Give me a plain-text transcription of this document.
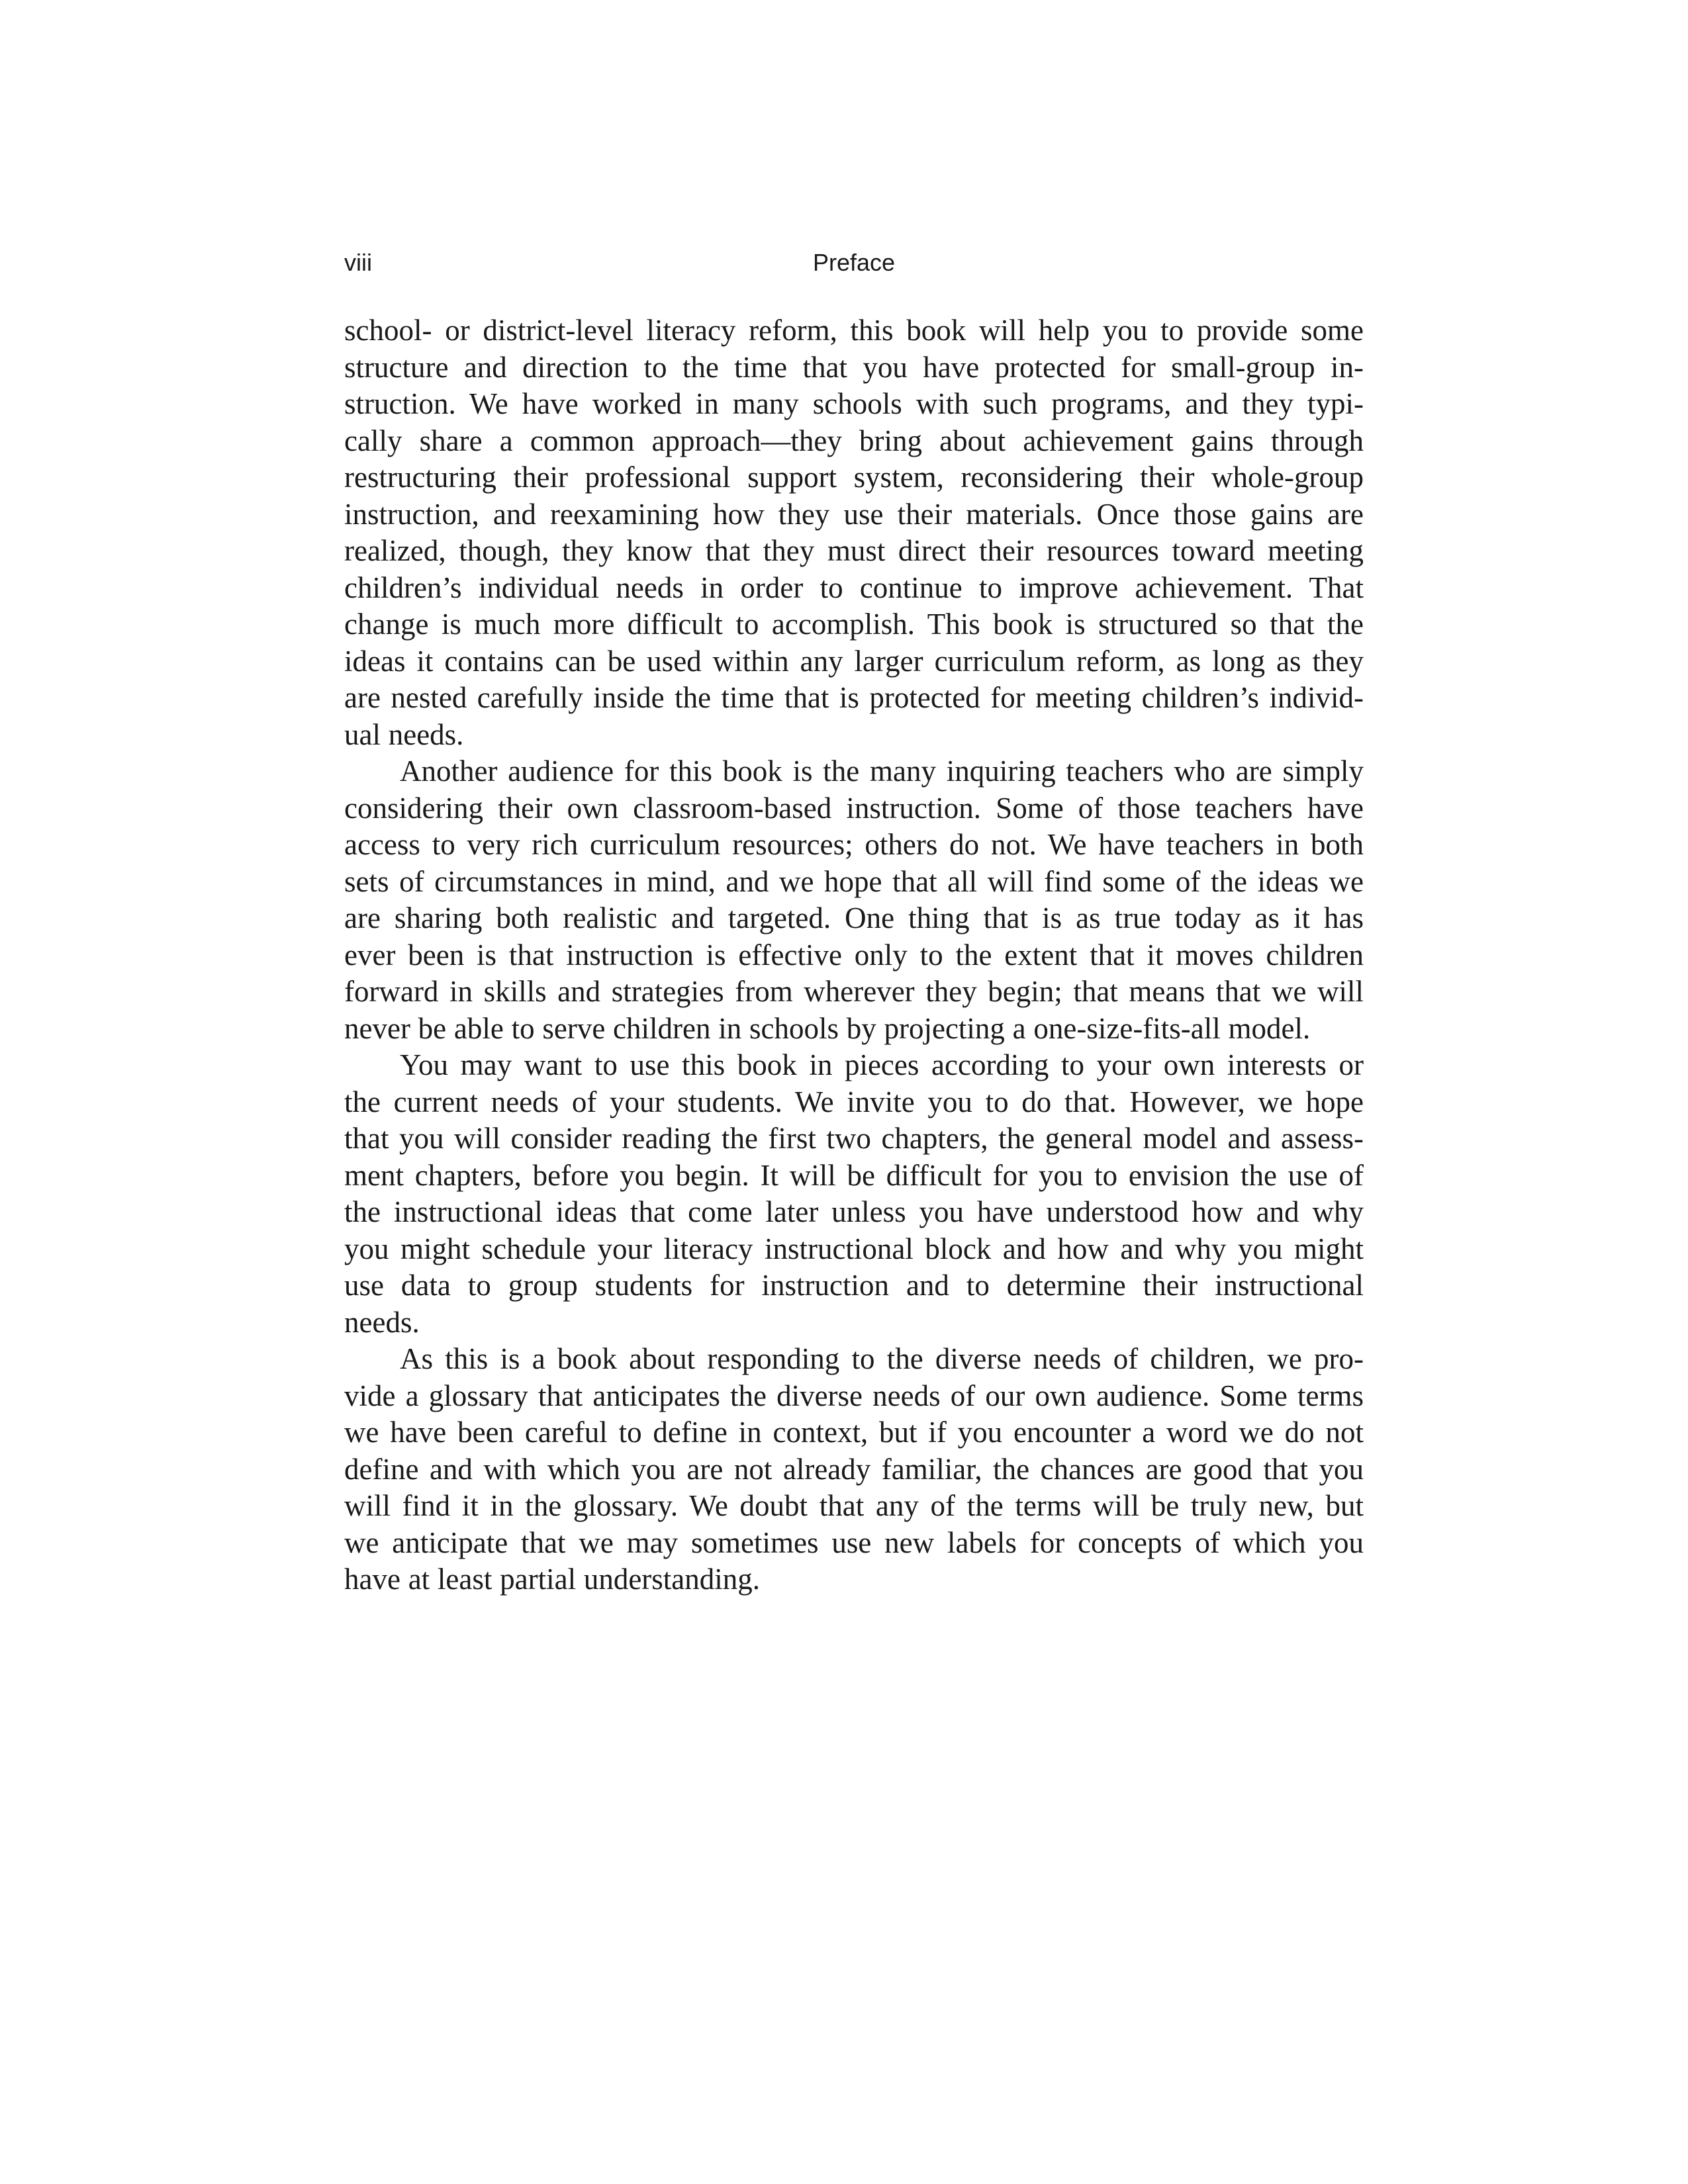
viii	Preface

school- or district-level literacy reform, this book will help you to provide some
structure and direction to the time that you have protected for small-group in-
struction. We have worked in many schools with such programs, and they typi-
cally share a common approach—they bring about achievement gains through
restructuring their professional support system, reconsidering their whole-group
instruction, and reexamining how they use their materials. Once those gains are
realized, though, they know that they must direct their resources toward meeting
children’s individual needs in order to continue to improve achievement. That
change is much more difficult to accomplish. This book is structured so that the
ideas it contains can be used within any larger curriculum reform, as long as they
are nested carefully inside the time that is protected for meeting children’s individ-
ual needs.

Another audience for this book is the many inquiring teachers who are simply
considering their own classroom-based instruction. Some of those teachers have
access to very rich curriculum resources; others do not. We have teachers in both
sets of circumstances in mind, and we hope that all will find some of the ideas we
are sharing both realistic and targeted. One thing that is as true today as it has
ever been is that instruction is effective only to the extent that it moves children
forward in skills and strategies from wherever they begin; that means that we will
never be able to serve children in schools by projecting a one-size-fits-all model.

You may want to use this book in pieces according to your own interests or
the current needs of your students. We invite you to do that. However, we hope
that you will consider reading the first two chapters, the general model and assess-
ment chapters, before you begin. It will be difficult for you to envision the use of
the instructional ideas that come later unless you have understood how and why
you might schedule your literacy instructional block and how and why you might
use data to group students for instruction and to determine their instructional
needs.

As this is a book about responding to the diverse needs of children, we pro-
vide a glossary that anticipates the diverse needs of our own audience. Some terms
we have been careful to define in context, but if you encounter a word we do not
define and with which you are not already familiar, the chances are good that you
will find it in the glossary. We doubt that any of the terms will be truly new, but
we anticipate that we may sometimes use new labels for concepts of which you
have at least partial understanding.
